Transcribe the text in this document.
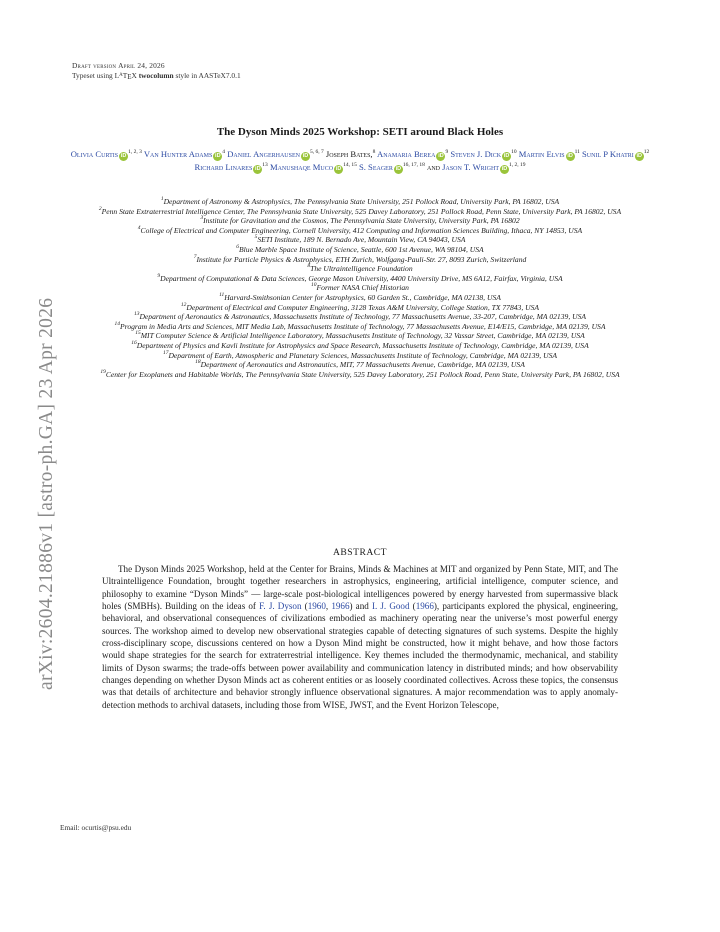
Draft version April 24, 2026
Typeset using $L^ATEX$ twocolumn style in AASTeX7.0.1
arXiv:2604.21886v1 [astro-ph.GA] 23 Apr 2026
The Dyson Minds 2025 Workshop: SETI around Black Holes
Olivia Curtis iD$^{1, 2, 3}$ Van Hunter Adams $iD^4$ Daniel Angerhausen iD$^{5, 6, 7}$ Joseph Bates,$^8$ Anamaria Berea $iD^9$ Steven J. Dick $iD^{10}$ Martin Elvis $iD^{11}$ Sunil P Khatri $iD^{12}$ Richard Linares $iD^{13}$ Manushaqe Muco iD$^{14, 15}$ S. Seager iD$^{16, 17, 18}$ and Jason T. Wright iD$^{1, 2, 19}$
$^1$Department of Astronomy & Astrophysics, The Pennsylvania State University, 251 Pollock Road, University Park, PA 16802, USA
$^2$Penn State Extraterrestrial Intelligence Center, The Pennsylvania State University, 525 Davey Laboratory, 251 Pollock Road, Penn State, University Park, PA 16802, USA
$^3$Institute for Gravitation and the Cosmos, The Pennsylvania State University, University Park, PA 16802
$^4$College of Electrical and Computer Engineering, Cornell University, 412 Computing and Information Sciences Building, Ithaca, NY 14853, USA
$^5$SETI Institute, 189 N. Bernado Ave, Mountain View, CA 94043, USA
$^6$Blue Marble Space Institute of Science, Seattle, 600 1st Avenue, WA 98104, USA
$^7$Institute for Particle Physics & Astrophysics, ETH Zurich, Wolfgang-Pauli-Str. 27, 8093 Zurich, Switzerland
$^8$The Ultraintelligence Foundation
$^9$Department of Computational & Data Sciences, George Mason University, 4400 University Drive, MS 6A12, Fairfax, Virginia, USA
$^{10}$Former NASA Chief Historian
$^{11}$Harvard-Smithsonian Center for Astrophysics, 60 Garden St., Cambridge, MA 02138, USA
$^{12}$Department of Electrical and Computer Engineering, 3128 Texas A&M University, College Station, TX 77843, USA
$^{13}$Department of Aeronautics & Astronautics, Massachusetts Institute of Technology, 77 Massachusetts Avenue, 33-207, Cambridge, MA 02139, USA
$^{14}$Program in Media Arts and Sciences, MIT Media Lab, Massachusetts Institute of Technology, 77 Massachusetts Avenue, E14/E15, Cambridge, MA 02139, USA
$^{15}$MIT Computer Science & Artificial Intelligence Laboratory, Massachusetts Institute of Technology, 32 Vassar Street, Cambridge, MA 02139, USA
$^{16}$Department of Physics and Kavli Institute for Astrophysics and Space Research, Massachusetts Institute of Technology, Cambridge, MA 02139, USA
$^{17}$Department of Earth, Atmospheric and Planetary Sciences, Massachusetts Institute of Technology, Cambridge, MA 02139, USA
$^{18}$Department of Aeronautics and Astronautics, MIT, 77 Massachusetts Avenue, Cambridge, MA 02139, USA
$^{19}$Center for Exoplanets and Habitable Worlds, The Pennsylvania State University, 525 Davey Laboratory, 251 Pollock Road, Penn State, University Park, PA 16802, USA
ABSTRACT
The Dyson Minds 2025 Workshop, held at the Center for Brains, Minds & Machines at MIT and organized by Penn State, MIT, and The Ultraintelligence Foundation, brought together researchers in astrophysics, engineering, artificial intelligence, computer science, and philosophy to examine “Dyson Minds” — large-scale post-biological intelligences powered by energy harvested from supermassive black holes (SMBHs). Building on the ideas of F. J. Dyson (1960, 1966) and I. J. Good (1966), participants explored the physical, engineering, behavioral, and observational consequences of civilizations embodied as machinery operating near the universe’s most powerful energy sources. The workshop aimed to develop new observational strategies capable of detecting signatures of such systems. Despite the highly cross-disciplinary scope, discussions centered on how a Dyson Mind might be constructed, how it might behave, and how those factors would shape strategies for the search for extraterrestrial intelligence. Key themes included the thermodynamic, mechanical, and stability limits of Dyson swarms; the trade-offs between power availability and communication latency in distributed minds; and how observability changes depending on whether Dyson Minds act as coherent entities or as loosely coordinated collectives. Across these topics, the consensus was that details of architecture and behavior strongly influence observational signatures. A major recommendation was to apply anomaly-detection methods to archival datasets, including those from WISE, JWST, and the Event Horizon Telescope,
Email: ocurtis@psu.edu
